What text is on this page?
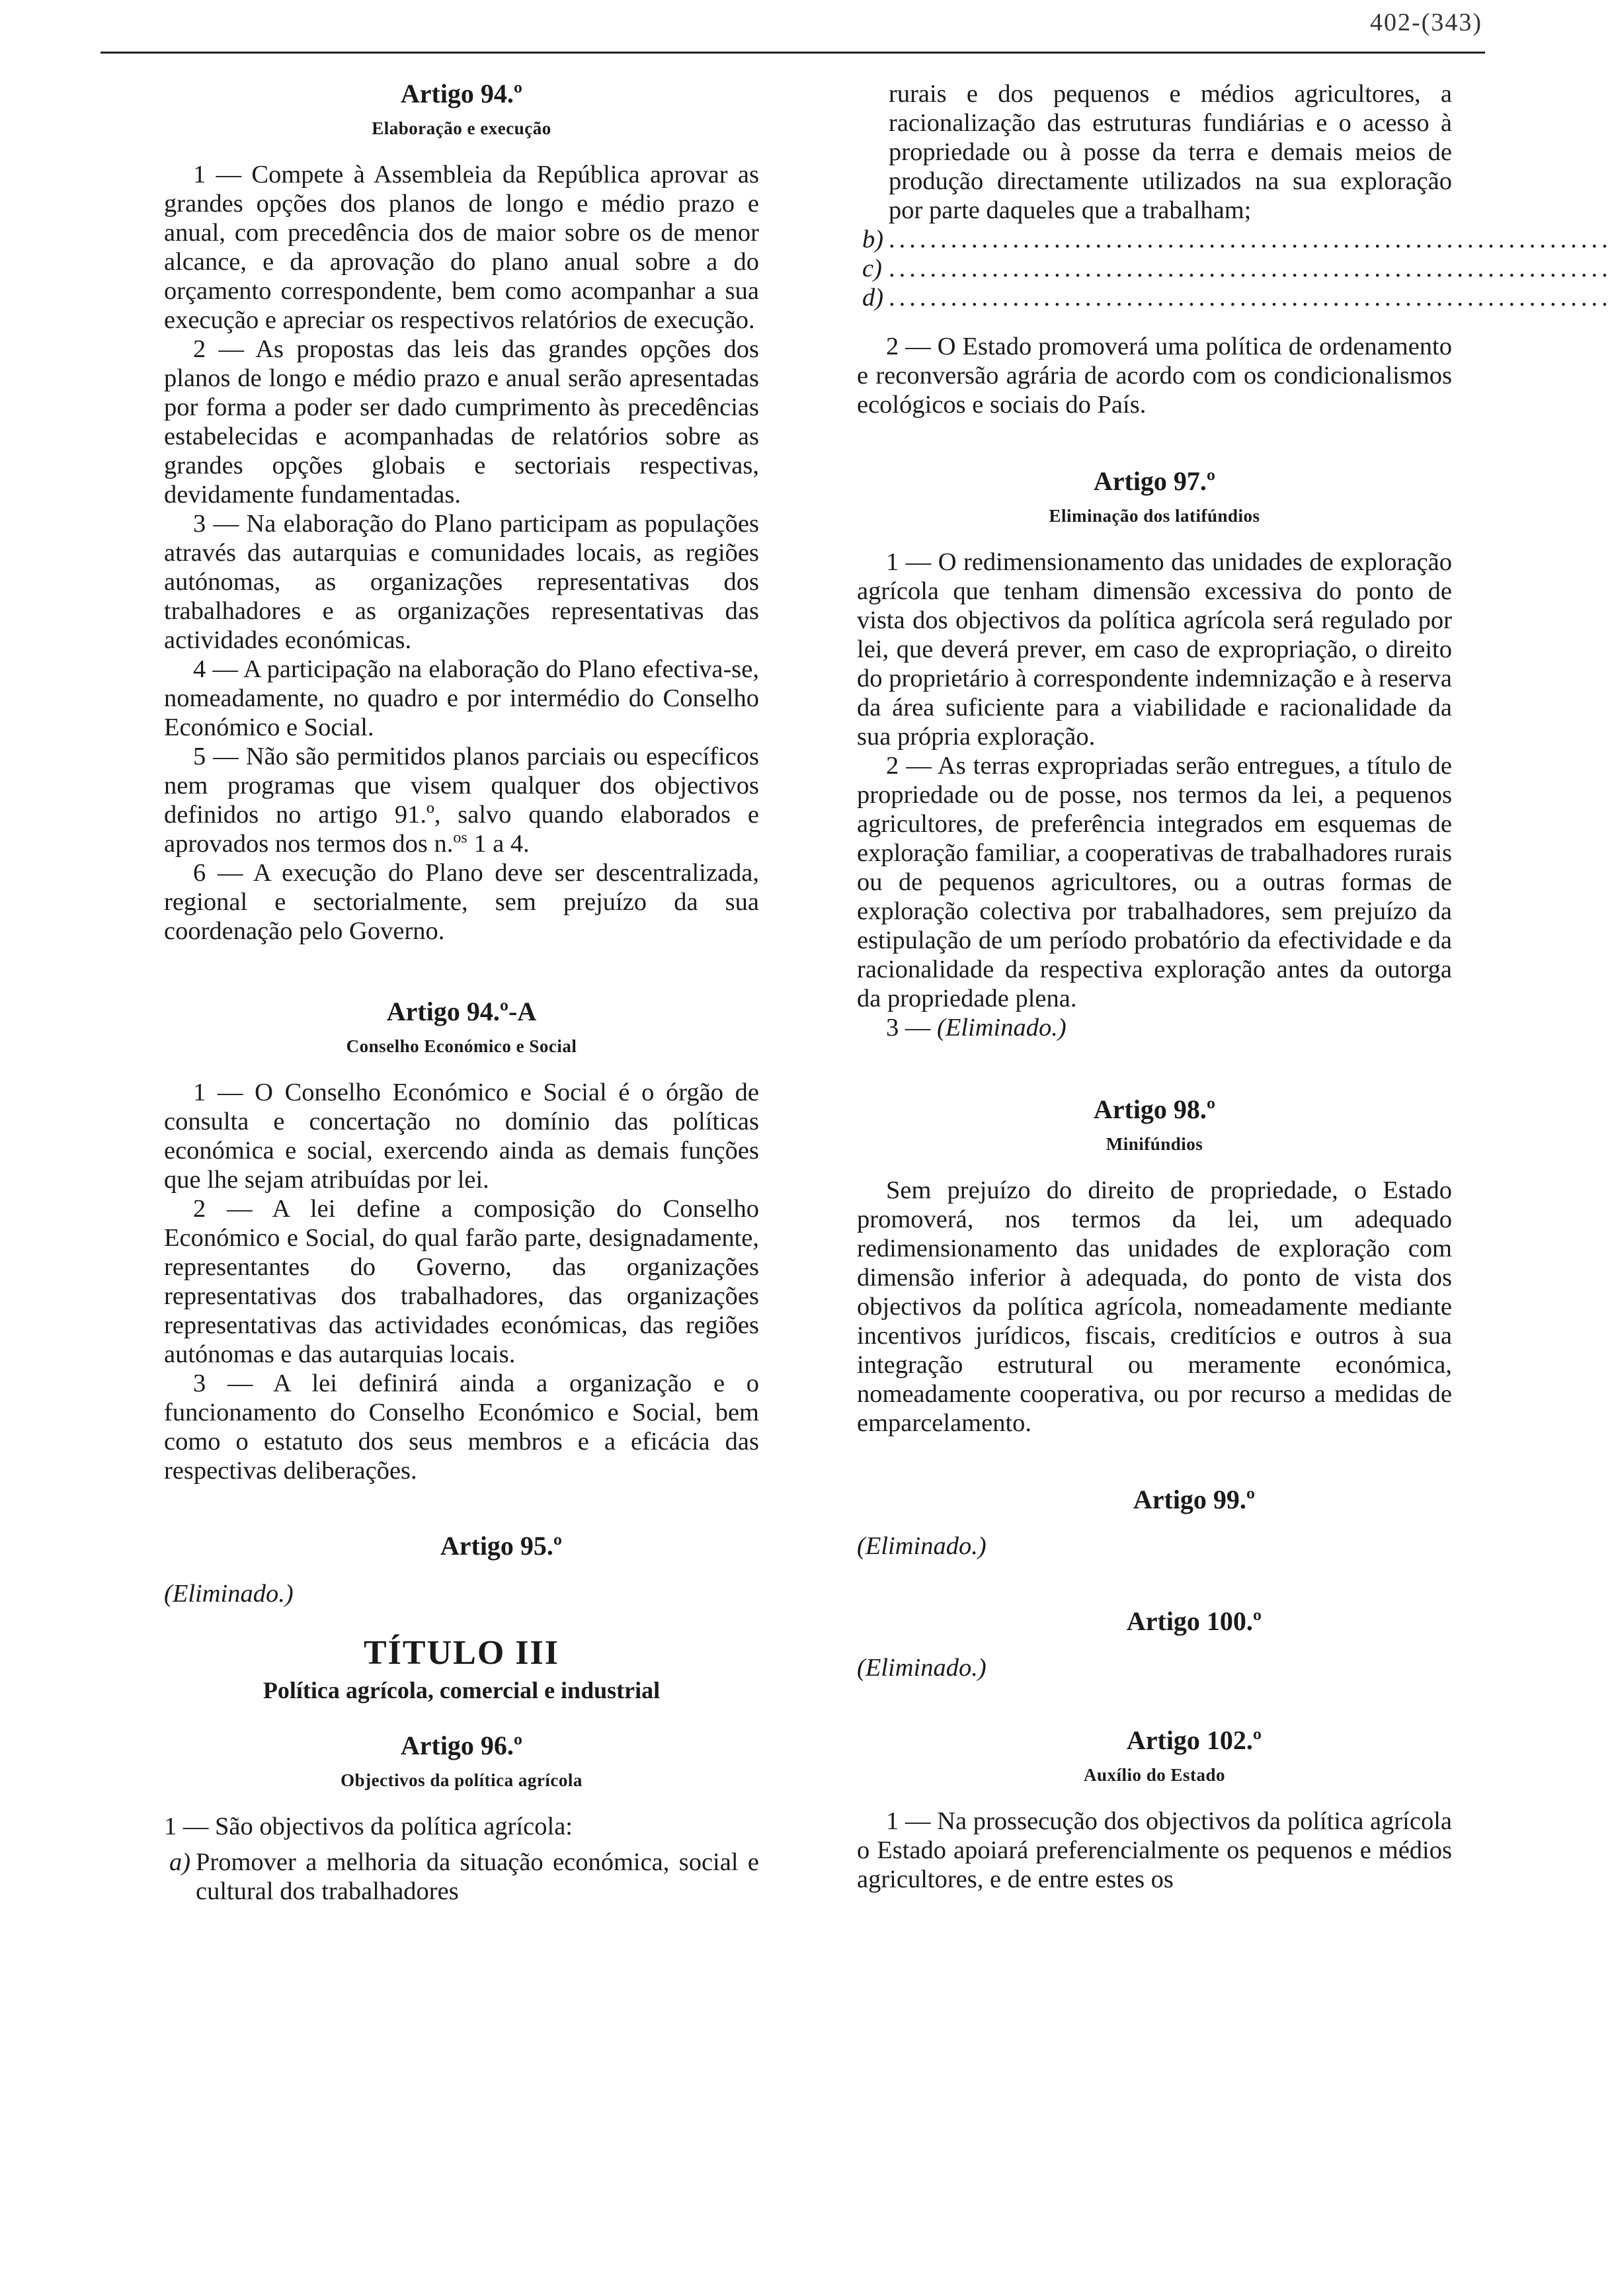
402-(343)
Artigo 94.º
Elaboração e execução

1 — Compete à Assembleia da República aprovar as grandes opções dos planos de longo e médio prazo e anual, com precedência dos de maior sobre os de menor alcance, e da aprovação do plano anual sobre a do orçamento correspondente, bem como acompanhar a sua execução e apreciar os respectivos relatórios de execução.

2 — As propostas das leis das grandes opções dos planos de longo e médio prazo e anual serão apresentadas por forma a poder ser dado cumprimento às precedências estabelecidas e acompanhadas de relatórios sobre as grandes opções globais e sectoriais respectivas, devidamente fundamentadas.

3 — Na elaboração do Plano participam as populações através das autarquias e comunidades locais, as regiões autónomas, as organizações representativas dos trabalhadores e as organizações representativas das actividades económicas.

4 — A participação na elaboração do Plano efectiva-se, nomeadamente, no quadro e por intermédio do Conselho Económico e Social.

5 — Não são permitidos planos parciais ou específicos nem programas que visem qualquer dos objectivos definidos no artigo 91.º, salvo quando elaborados e aprovados nos termos dos n.$^{os}$ 1 a 4.

6 — A execução do Plano deve ser descentralizada, regional e sectorialmente, sem prejuízo da sua coordenação pelo Governo.

Artigo 94.º-A
Conselho Económico e Social

1 — O Conselho Económico e Social é o órgão de consulta e concertação no domínio das políticas económica e social, exercendo ainda as demais funções que lhe sejam atribuídas por lei.

2 — A lei define a composição do Conselho Económico e Social, do qual farão parte, designadamente, representantes do Governo, das organizações representativas dos trabalhadores, das organizações representativas das actividades económicas, das regiões autónomas e das autarquias locais.

3 — A lei definirá ainda a organização e o funcionamento do Conselho Económico e Social, bem como o estatuto dos seus membros e a eficácia das respectivas deliberações.

Artigo 95.º

(Eliminado.)

TÍTULO III
Política agrícola, comercial e industrial
Artigo 96.º
Objectivos da política agrícola

1 — São objectivos da política agrícola:

a) Promover a melhoria da situação económica, social e cultural dos trabalhadores
rurais e dos pequenos e médios agricultores, a racionalização das estruturas fundiárias e o acesso à propriedade ou à posse da terra e demais meios de produção directamente utilizados na sua exploração por parte daqueles que a trabalham;
b) ......................................................................
c) ......................................................................
d) ......................................................................

2 — O Estado promoverá uma política de ordenamento e reconversão agrária de acordo com os condicionalismos ecológicos e sociais do País.

Artigo 97.º
Eliminação dos latifúndios

1 — O redimensionamento das unidades de exploração agrícola que tenham dimensão excessiva do ponto de vista dos objectivos da política agrícola será regulado por lei, que deverá prever, em caso de expropriação, o direito do proprietário à correspondente indemnização e à reserva da área suficiente para a viabilidade e racionalidade da sua própria exploração.

2 — As terras expropriadas serão entregues, a título de propriedade ou de posse, nos termos da lei, a pequenos agricultores, de preferência integrados em esquemas de exploração familiar, a cooperativas de trabalhadores rurais ou de pequenos agricultores, ou a outras formas de exploração colectiva por trabalhadores, sem prejuízo da estipulação de um período probatório da efectividade e da racionalidade da respectiva exploração antes da outorga da propriedade plena.

3 — (Eliminado.)

Artigo 98.º
Minifúndios

Sem prejuízo do direito de propriedade, o Estado promoverá, nos termos da lei, um adequado redimensionamento das unidades de exploração com dimensão inferior à adequada, do ponto de vista dos objectivos da política agrícola, nomeadamente mediante incentivos jurídicos, fiscais, creditícios e outros à sua integração estrutural ou meramente económica, nomeadamente cooperativa, ou por recurso a medidas de emparcelamento.

Artigo 99.º

(Eliminado.)

Artigo 100.º

(Eliminado.)

Artigo 102.º
Auxílio do Estado

1 — Na prossecução dos objectivos da política agrícola o Estado apoiará preferencialmente os pequenos e médios agricultores, e de entre estes os
